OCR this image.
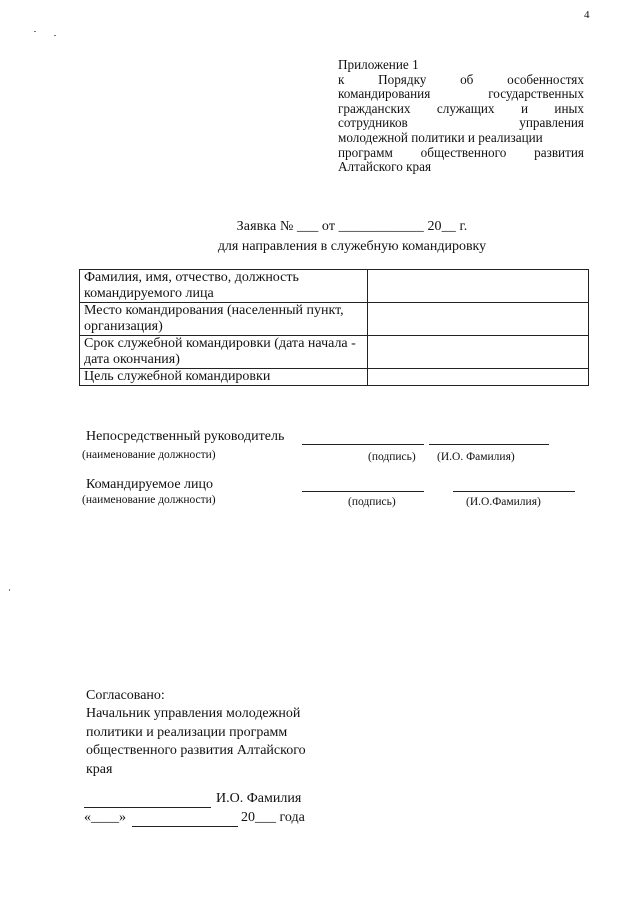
4
Приложение 1
к	Порядку	об	особенностях
командирования	государственных
гражданских служащих и иных
сотрудников	управления
молодежной политики и реализации
программ общественного развития
Алтайского края
Заявка № ___ от ____________ 20__ г.
для направления в служебную командировку
Фамилия, имя, отчество, должность командируемого лица	
Место командирования (населенный пункт, организация)	
Срок служебной командировки (дата начала - дата окончания)	
Цель служебной командировки	
Непосредственный руководитель
(наименование должности)	(подпись) (И.О. Фамилия)
Командируемое лицо
(наименование должности)	(подпись)	(И.О.Фамилия)
Согласовано:
Начальник управления молодежной
политики и реализации программ
общественного развития Алтайского
края
И.О. Фамилия
«____»	20___ года
